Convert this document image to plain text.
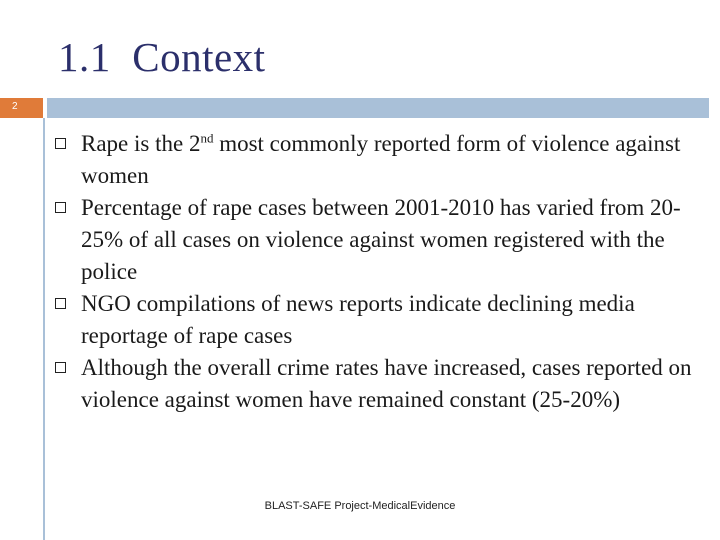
1.1  Context
2
Rape is the 2nd most commonly reported form of violence against women
Percentage of rape cases between 2001-2010 has varied from 20-25% of all cases on violence against women registered with the police
NGO compilations of news reports indicate declining media reportage of rape cases
Although the overall crime rates have increased, cases reported on violence against women have remained constant (25-20%)
BLAST-SAFE Project-MedicalEvidence
